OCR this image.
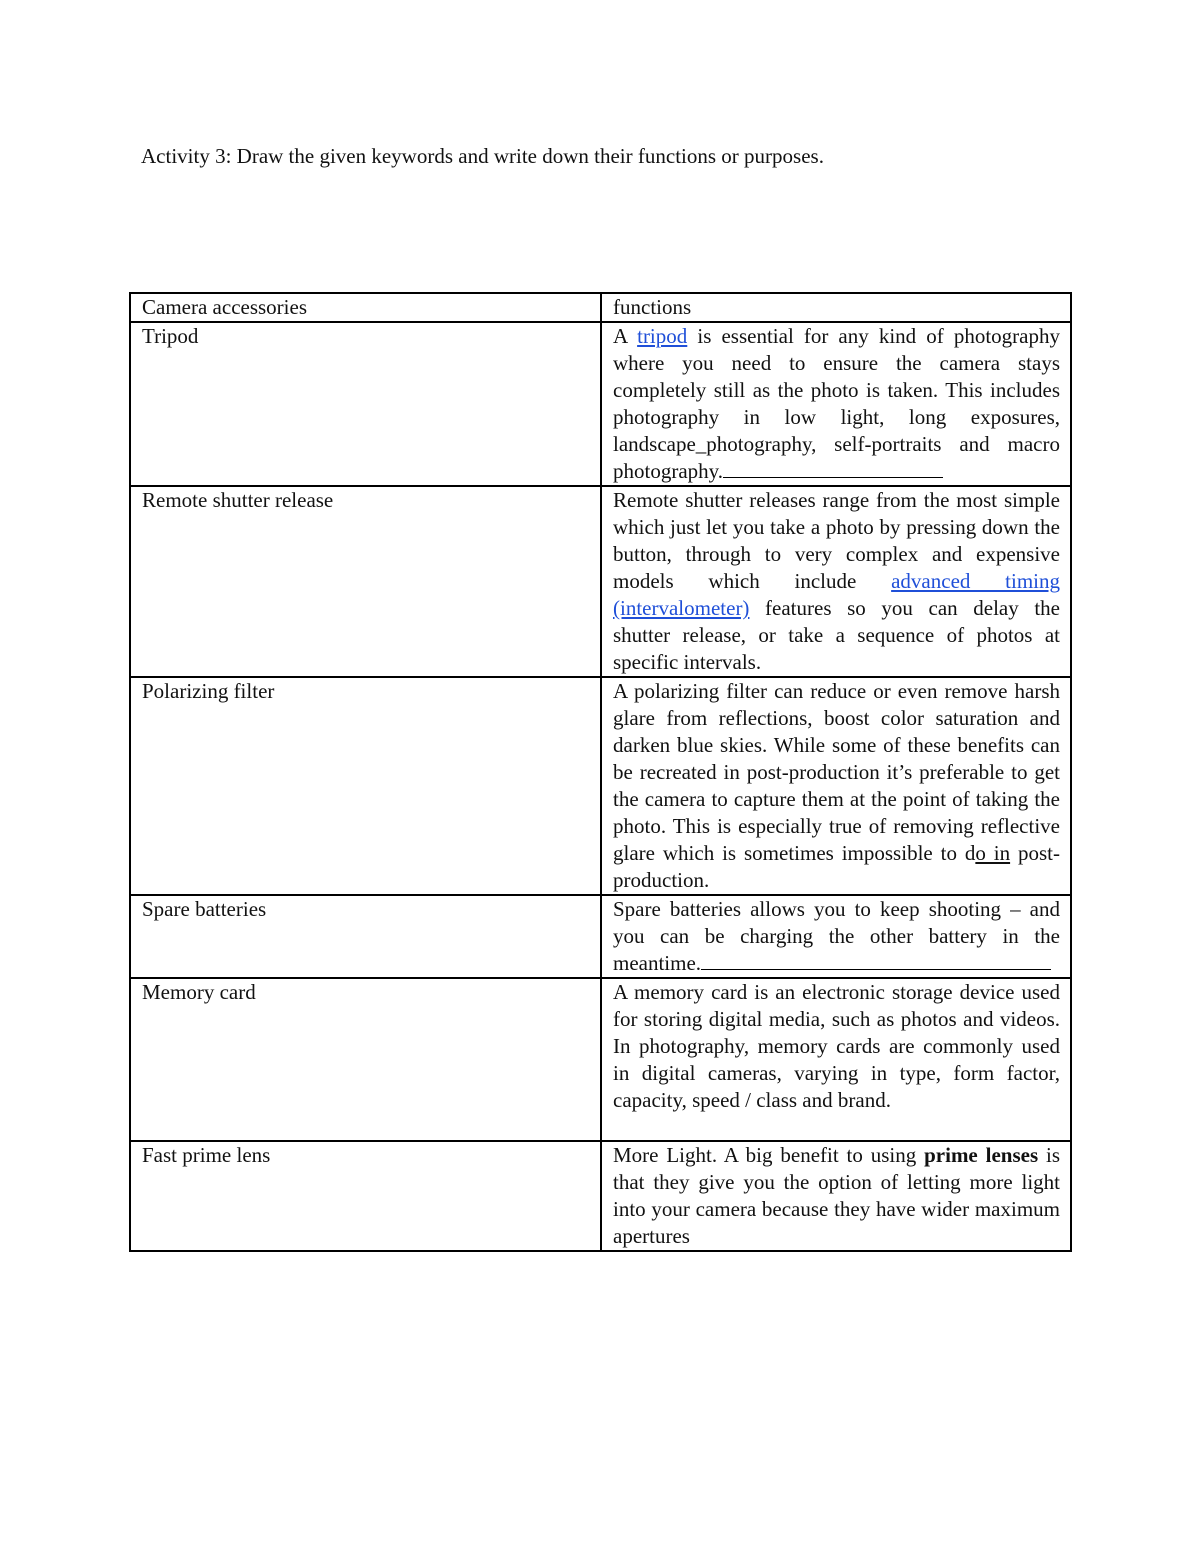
Activity 3: Draw the given keywords and write down their functions or purposes.
Camera accessories	functions
Tripod	A tripod is essential for any kind of photography where you need to ensure the camera stays completely still as the photo is taken. This includes photography in low light, long exposures, landscape_photography, self-portraits and macro photography.
Remote shutter release	Remote shutter releases range from the most simple which just let you take a photo by pressing down the button, through to very complex and expensive models which include advanced timing (intervalometer) features so you can delay the shutter release, or take a sequence of photos at specific intervals.
Polarizing filter	A polarizing filter can reduce or even remove harsh glare from reflections, boost color saturation and darken blue skies. While some of these benefits can be recreated in post-production it’s preferable to get the camera to capture them at the point of taking the photo. This is especially true of removing reflective glare which is sometimes impossible to do in post-production.
Spare batteries	Spare batteries allows you to keep shooting – and you can be charging the other battery in the meantime.
Memory card	A memory card is an electronic storage device used for storing digital media, such as photos and videos. In photography, memory cards are commonly used in digital cameras, varying in type, form factor, capacity, speed / class and brand.
Fast prime lens	More Light. A big benefit to using prime lenses is that they give you the option of letting more light into your camera because they have wider maximum apertures
